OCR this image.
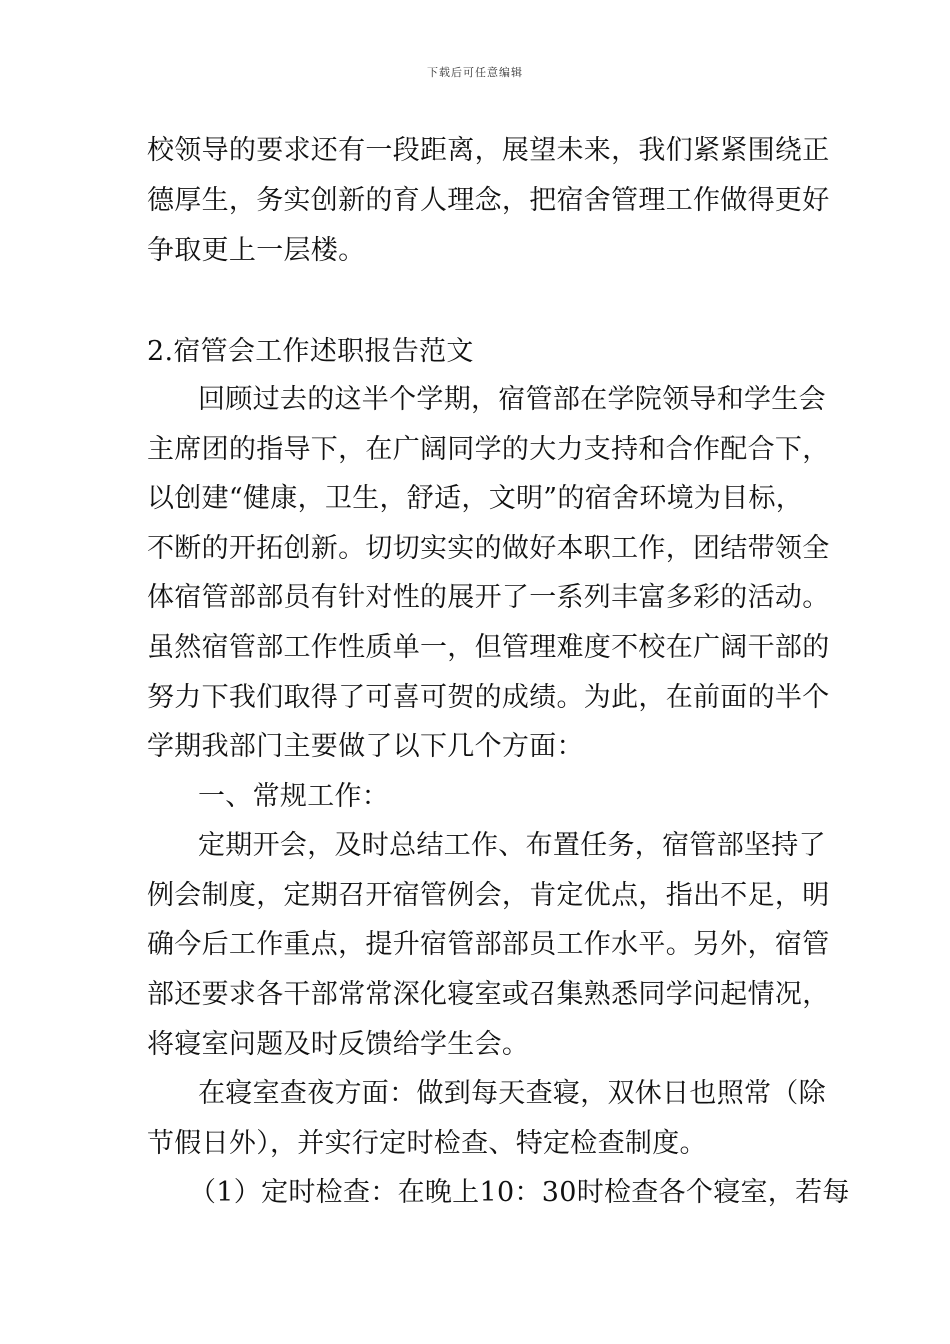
下载后可任意编辑
校领导的要求还有一段距离，展望未来，我们紧紧围绕正
德厚生，务实创新的育人理念，把宿舍管理工作做得更好
争取更上一层楼。
2.宿管会工作述职报告范文
回顾过去的这半个学期，宿管部在学院领导和学生会
主席团的指导下，在广阔同学的大力支持和合作配合下，
以创建“健康，卫生，舒适，文明”的宿舍环境为目标，
不断的开拓创新。切切实实的做好本职工作，团结带领全
体宿管部部员有针对性的展开了一系列丰富多彩的活动。
虽然宿管部工作性质单一，但管理难度不校在广阔干部的
努力下我们取得了可喜可贺的成绩。为此，在前面的半个
学期我部门主要做了以下几个方面：
一、常规工作：
定期开会，及时总结工作、布置任务，宿管部坚持了
例会制度，定期召开宿管例会，肯定优点，指出不足，明
确今后工作重点，提升宿管部部员工作水平。另外，宿管
部还要求各干部常常深化寝室或召集熟悉同学问起情况，
将寝室问题及时反馈给学生会。
在寝室查夜方面：做到每天查寝，双休日也照常（除
节假日外），并实行定时检查、特定检查制度。
（1）定时检查：在晚上10：30时检查各个寝室，若每
